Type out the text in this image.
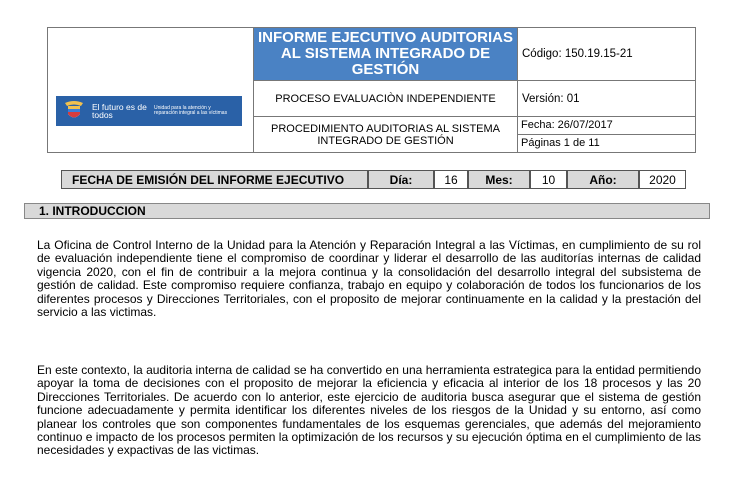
El futuro es de todos
Unidad para la atención y reparación integral a las víctimas	INFORME EJECUTIVO AUDITORIAS AL SISTEMA INTEGRADO DE GESTIÓN	Código: 150.19.15-21
	PROCESO EVALUACIÒN INDEPENDIENTE	Versión: 01
	PROCEDIMIENTO AUDITORIAS AL SISTEMA INTEGRADO DE GESTIÓN	Fecha: 26/07/2017
		Páginas 1 de 11
FECHA DE EMISIÓN DEL INFORME EJECUTIVO	Día:	16	Mes:	10	Año:	2020
1. INTRODUCCION

La Oficina de Control Interno de la Unidad para la Atención y Reparación Integral a las Víctimas, en cumplimiento de su rol de evaluación independiente tiene el compromiso de coordinar y liderar el desarrollo de las auditorías internas de calidad vigencia 2020, con el fin de contribuir a la mejora continua y la consolidación del desarrollo integral del subsistema de gestión de calidad. Este compromiso requiere confianza, trabajo en equipo y colaboración de todos los funcionarios de los diferentes procesos y Direcciones Territoriales, con el proposito de mejorar continuamente en la calidad y la prestación del servicio a las victimas.

En este contexto, la auditoria interna de calidad se ha convertido en una herramienta estrategica para la entidad permitiendo apoyar la toma de decisiones con el proposito de mejorar la eficiencia y eficacia al interior de los 18 procesos y las 20 Direcciones Territoriales. De acuerdo con lo anterior, este ejercicio de auditoria busca asegurar que el sistema de gestión funcione adecuadamente y permita identificar los diferentes niveles de los riesgos de la Unidad y su entorno, así como planear los controles que son componentes fundamentales de los esquemas gerenciales, que además del mejoramiento continuo e impacto de los procesos permiten la optimización de los recursos y su ejecución óptima en el cumplimiento de las necesidades y expactivas de las victimas.
